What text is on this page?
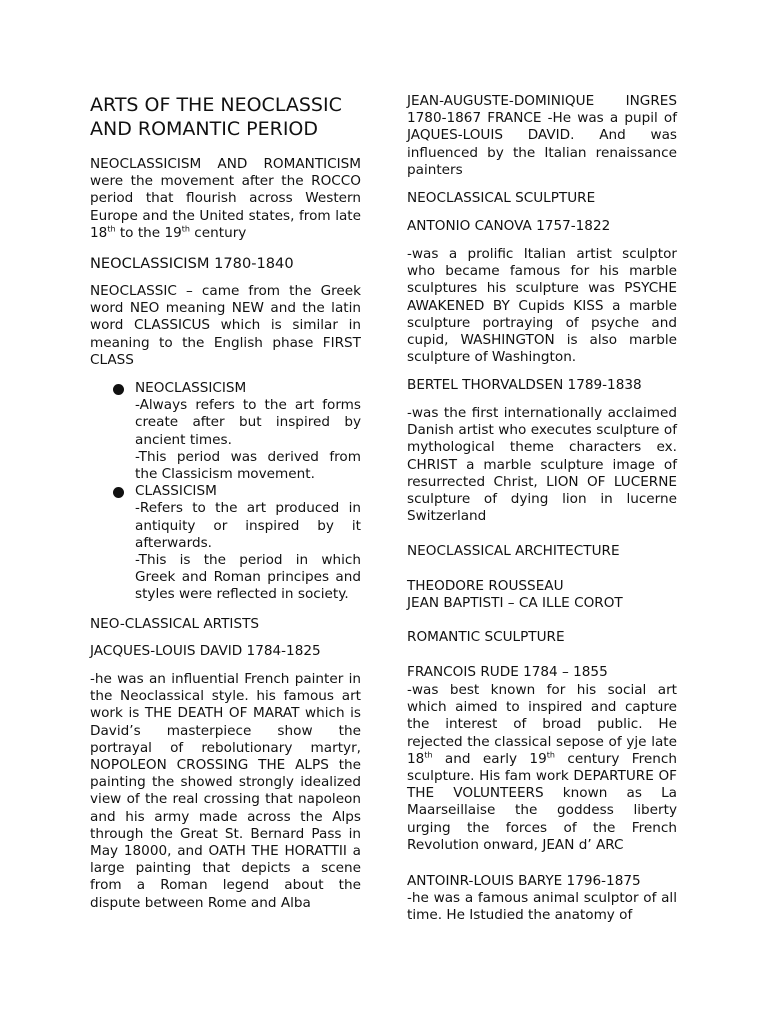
ARTS OF THE NEOCLASSIC AND ROMANTIC PERIOD

NEOCLASSICISM AND ROMANTICISM were the movement after the ROCCO period that flourish across Western Europe and the United states, from late 18th to the 19th century

NEOCLASSICISM 1780-1840

NEOCLASSIC – came from the Greek word NEO meaning NEW and the latin word CLASSICUS which is similar in meaning to the English phase FIRST CLASS

NEOCLASSICISM

-Always refers to the art forms create after but inspired by ancient times.

-This period was derived from the Classicism movement.

CLASSICISM

-Refers to the art produced in antiquity or inspired by it afterwards.

-This is the period in which Greek and Roman principes and styles were reflected in society.

NEO-CLASSICAL ARTISTS

JACQUES-LOUIS DAVID 1784-1825

-he was an influential French painter in the Neoclassical style. his famous art work is THE DEATH OF MARAT which is David’s masterpiece show the portrayal of rebolutionary martyr, NOPOLEON CROSSING THE ALPS the painting the showed strongly idealized view of the real crossing that napoleon and his army made across the Alps through the Great St. Bernard Pass in May 18000, and OATH THE HORATTII a large painting that depicts a scene from a Roman legend about the dispute between Rome and Alba

JEAN-AUGUSTE-DOMINIQUE INGRES 1780-1867 FRANCE -He was a pupil of JAQUES-LOUIS DAVID. And was influenced by the Italian renaissance painters

NEOCLASSICAL SCULPTURE

ANTONIO CANOVA 1757-1822

-was a prolific Italian artist sculptor who became famous for his marble sculptures his sculpture was PSYCHE AWAKENED BY Cupids KISS a marble sculpture portraying of psyche and cupid, WASHINGTON is also marble sculpture of Washington.

BERTEL THORVALDSEN 1789-1838

-was the first internationally acclaimed Danish artist who executes sculpture of mythological theme characters ex. CHRIST a marble sculpture image of resurrected Christ, LION OF LUCERNE sculpture of dying lion in lucerne Switzerland

NEOCLASSICAL ARCHITECTURE

THEODORE ROUSSEAU

JEAN BAPTISTI – CA ILLE COROT

ROMANTIC SCULPTURE

FRANCOIS RUDE 1784 – 1855

-was best known for his social art which aimed to inspired and capture the interest of broad public. He rejected the classical sepose of yje late 18th and early 19th century French sculpture. His fam work DEPARTURE OF THE VOLUNTEERS known as La Maarseillaise the goddess liberty urging the forces of the French Revolution onward, JEAN d’ ARC

ANTOINR-LOUIS BARYE 1796-1875

-he was a famous animal sculptor of all time. He Istudied the anatomy of
